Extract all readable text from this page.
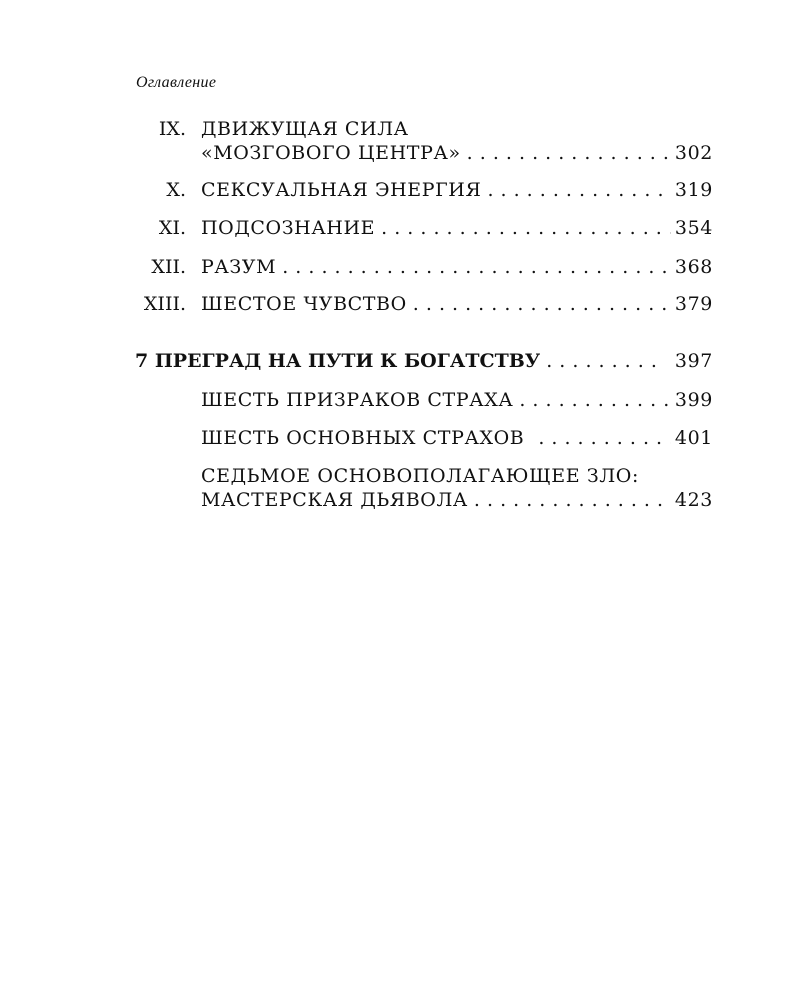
Оглавление
IX. ДВИЖУЩАЯ СИЛА
«МОЗГОВОГО ЦЕНТРА» . . .	302
X. СЕКСУАЛЬНАЯ ЭНЕРГИЯ . . .	319
XI. ПОДСОЗНАНИЕ . . .	354
XII. РАЗУМ . . .	368
XIII. ШЕСТОЕ ЧУВСТВО . . .	379
7 ПРЕГРАД НА ПУТИ К БОГАТСТВУ . . .	397
ШЕСТЬ ПРИЗРАКОВ СТРАХА . . .	399
ШЕСТЬ ОСНОВНЫХ СТРАХОВ . . .	401
СЕДЬМОЕ ОСНОВОПОЛАГАЮЩЕЕ ЗЛО:
МАСТЕРСКАЯ ДЬЯВОЛА . . .	423
